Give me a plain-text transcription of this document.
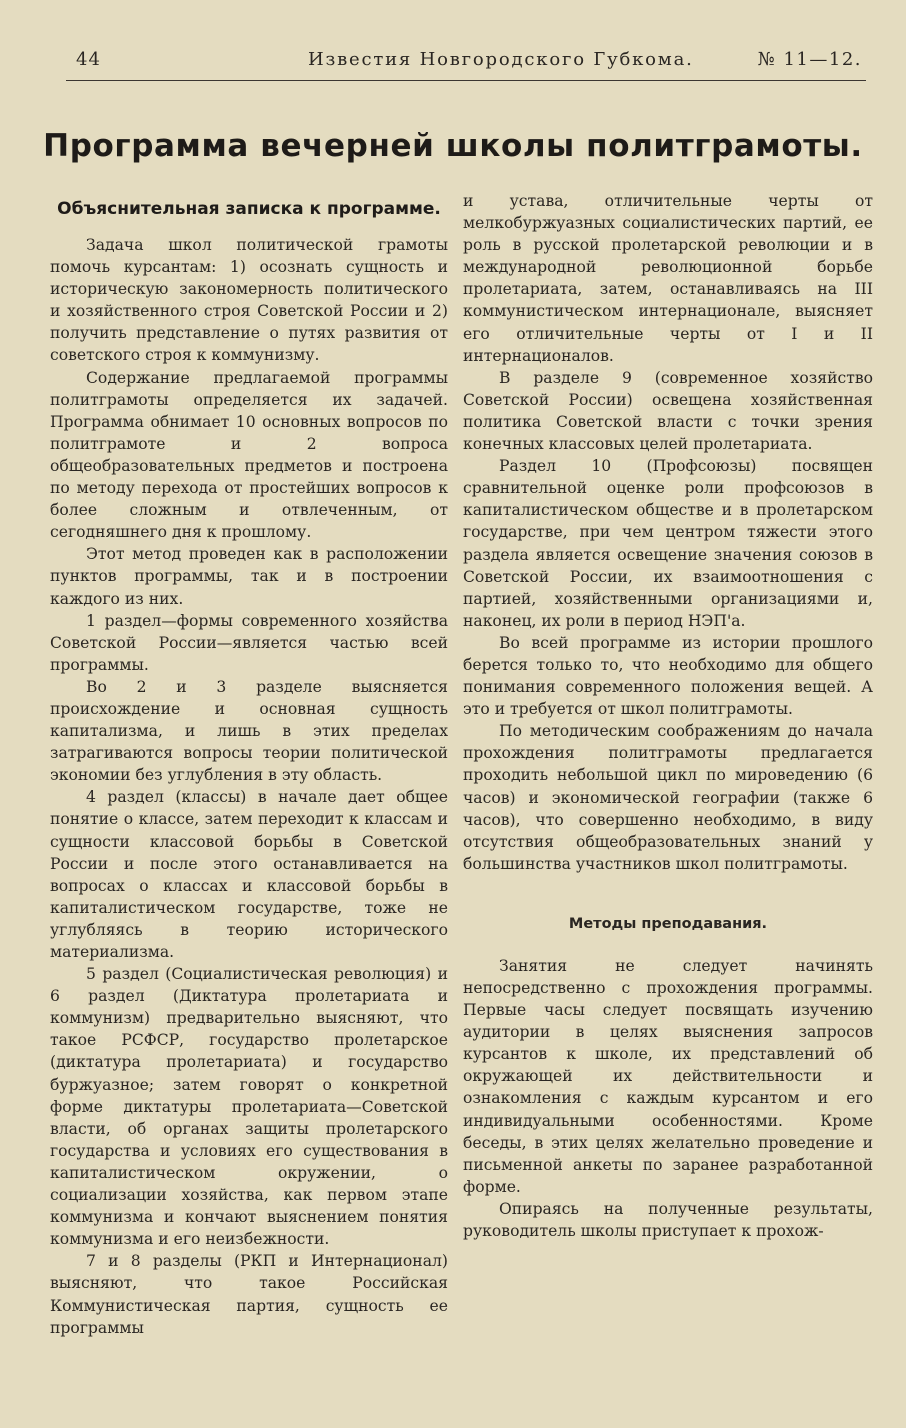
44	Известия Новгородского Губкома.	№ 11—12.
Программа вечерней школы политграмоты.
Объяснительная записка к программе.

Задача школ политической грамоты помочь курсантам: 1) осознать сущность и историческую закономерность политического и хозяйственного строя Советской России и 2) получить представление о путях развития от советского строя к коммунизму.

Содержание предлагаемой программы политграмоты определяется их задачей. Программа обнимает 10 основных вопросов по политграмоте и 2 вопроса общеобразовательных предметов и построена по методу перехода от простейших вопросов к более сложным и отвлеченным, от сегодняшнего дня к прошлому.

Этот метод проведен как в расположении пунктов программы, так и в построении каждого из них.

1 раздел—формы современного хозяйства Советской России—является частью всей программы.

Во 2 и 3 разделе выясняется происхождение и основная сущность капитализма, и лишь в этих пределах затрагиваются вопросы теории политической экономии без углубления в эту область.

4 раздел (классы) в начале дает общее понятие о классе, затем переходит к классам и сущности классовой борьбы в Советской России и после этого останавливается на вопросах о классах и классовой борьбы в капиталистическом государстве, тоже не углубляясь в теорию исторического материализма.

5 раздел (Социалистическая революция) и 6 раздел (Диктатура пролетариата и коммунизм) предварительно выясняют, что такое РСФСР, государство пролетарское (диктатура пролетариата) и государство буржуазное; затем говорят о конкретной форме диктатуры пролетариата—Советской власти, об органах защиты пролетарского государства и условиях его существования в капиталистическом окружении, о социализации хозяйства, как первом этапе коммунизма и кончают выяснением понятия коммунизма и его неизбежности.

7 и 8 разделы (РКП и Интернационал) выясняют, что такое Российская Коммунистическая партия, сущность ее программы

и устава, отличительные черты от мелкобуржуазных социалистических партий, ее роль в русской пролетарской революции и в международной революционной борьбе пролетариата, затем, останавливаясь на III коммунистическом интернационале, выясняет его отличительные черты от I и II интернационалов.

В разделе 9 (современное хозяйство Советской России) освещена хозяйственная политика Советской власти с точки зрения конечных классовых целей пролетариата.

Раздел 10 (Профсоюзы) посвящен сравнительной оценке роли профсоюзов в капиталистическом обществе и в пролетарском государстве, при чем центром тяжести этого раздела является освещение значения союзов в Советской России, их взаимоотношения с партией, хозяйственными организациями и, наконец, их роли в период НЭП'а.

Во всей программе из истории прошлого берется только то, что необходимо для общего понимания современного положения вещей. А это и требуется от школ политграмоты.

По методическим соображениям до начала прохождения политграмоты предлагается проходить небольшой цикл по мироведению (6 часов) и экономической географии (также 6 часов), что совершенно необходимо, в виду отсутствия общеобразовательных знаний у большинства участников школ политграмоты.

Методы преподавания.

Занятия не следует начинять непосредственно с прохождения программы. Первые часы следует посвящать изучению аудитории в целях выяснения запросов курсантов к школе, их представлений об окружающей их действительности и ознакомления с каждым курсантом и его индивидуальными особенностями. Кроме беседы, в этих целях желательно проведение и письменной анкеты по заранее разработанной форме.

Опираясь на полученные результаты, руководитель школы приступает к прохож-
